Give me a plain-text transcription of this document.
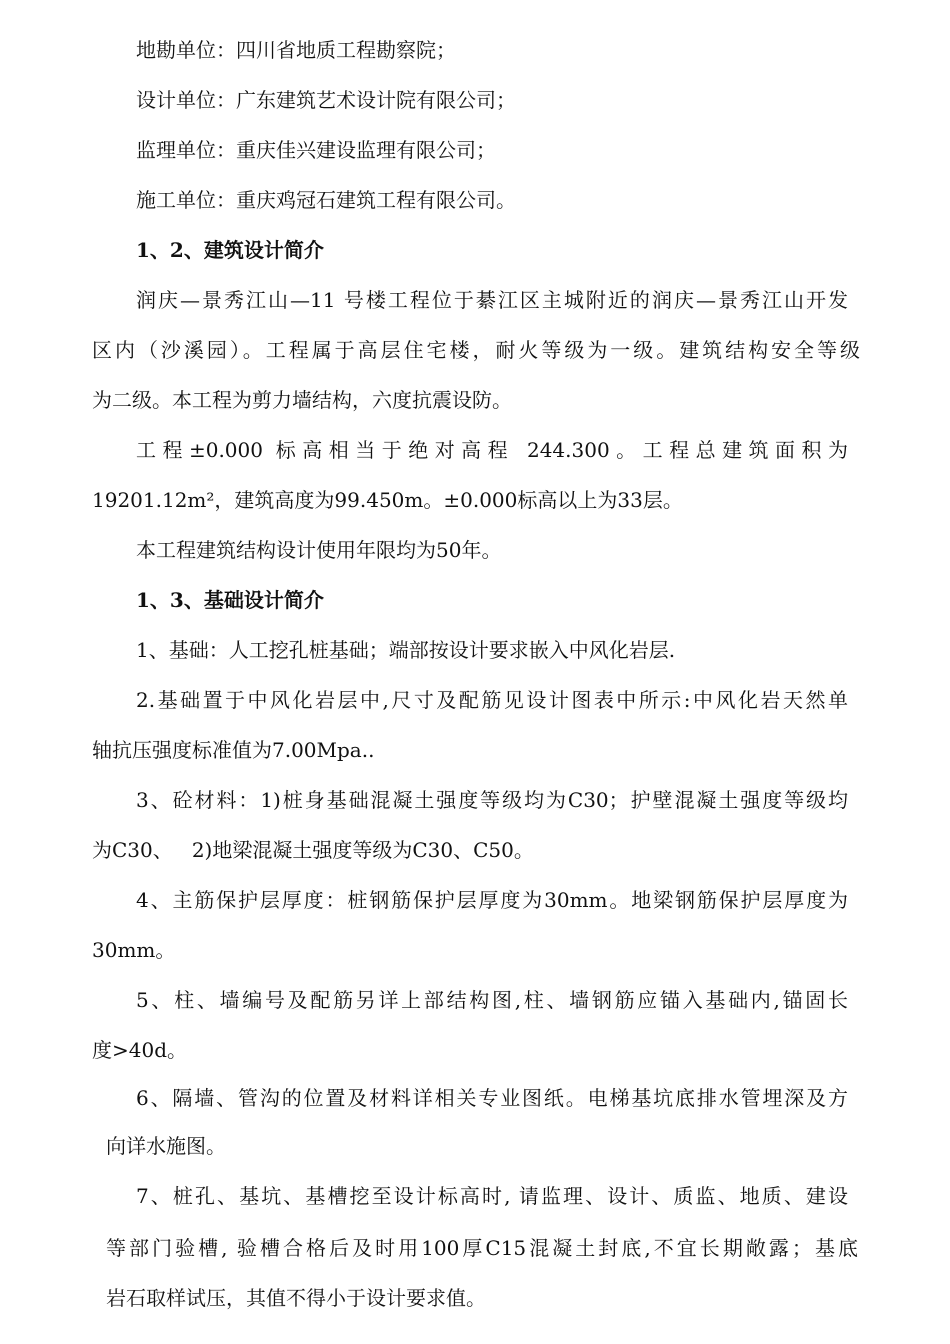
地勘单位：四川省地质工程勘察院；
设计单位：广东建筑艺术设计院有限公司；
监理单位：重庆佳兴建设监理有限公司；
施工单位：重庆鸡冠石建筑工程有限公司。
1、2、建筑设计简介
润庆—景秀江山—11 号楼工程位于綦江区主城附近的润庆—景秀江山开发
区内（沙溪园）。工程属于高层住宅楼，耐火等级为一级。建筑结构安全等级
为二级。本工程为剪力墙结构，六度抗震设防。
工程±0.000 标高相当于绝对高程 244.300。工程总建筑面积为
19201.12m²，建筑高度为99.450m。±0.000标高以上为33层。
本工程建筑结构设计使用年限均为50年。
1、3、基础设计简介
1、基础：人工挖孔桩基础；端部按设计要求嵌入中风化岩层.
2.基础置于中风化岩层中,尺寸及配筋见设计图表中所示:中风化岩天然单
轴抗压强度标准值为7.00Mpa..
3、砼材料：1)桩身基础混凝土强度等级均为C30；护壁混凝土强度等级均
为C30、   2)地梁混凝土强度等级为C30、C50。
4、主筋保护层厚度：桩钢筋保护层厚度为30mm。地梁钢筋保护层厚度为
30mm。
5、柱、墙编号及配筋另详上部结构图,柱、墙钢筋应锚入基础内,锚固长
度>40d。
6、隔墙、管沟的位置及材料详相关专业图纸。电梯基坑底排水管埋深及方
向详水施图。
7、桩孔、基坑、基槽挖至设计标高时, 请监理、设计、质监、地质、建设
等部门验槽, 验槽合格后及时用100厚C15混凝土封底,不宜长期敞露；基底
岩石取样试压，其值不得小于设计要求值。
